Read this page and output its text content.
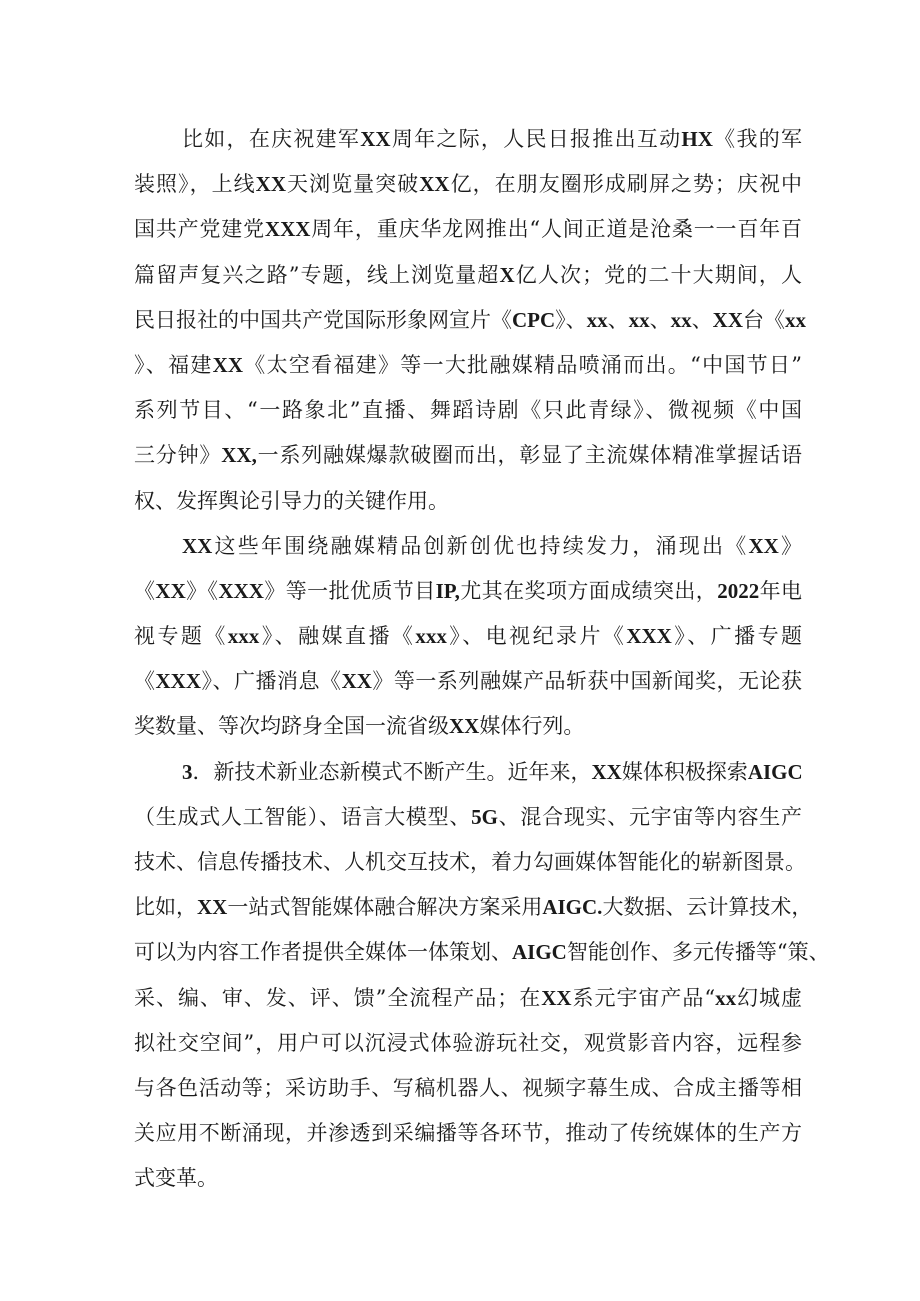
比如，在庆祝建军XX周年之际，人民日报推出互动HX《我的军
装照》，上线XX天浏览量突破XX亿，在朋友圈形成刷屏之势；庆祝中
国共产党建党XXX周年，重庆华龙网推出“人间正道是沧桑一一百年百
篇留声复兴之路”专题，线上浏览量超X亿人次；党的二十大期间，人
民日报社的中国共产党国际形象网宣片《CPC》、xx、xx、xx、XX台《xx
》、福建XX《太空看福建》等一大批融媒精品喷涌而出。“中国节日”
系列节目、“一路象北”直播、舞蹈诗剧《只此青绿》、微视频《中国
三分钟》XX,一系列融媒爆款破圈而出，彰显了主流媒体精准掌握话语
权、发挥舆论引导力的关键作用。
XX这些年围绕融媒精品创新创优也持续发力，涌现出《XX》
《XX》《XXX》等一批优质节目IP,尤其在奖项方面成绩突出，2022年电
视专题《xxx》、融媒直播《xxx》、电视纪录片《XXX》、广播专题
《XXX》、广播消息《XX》等一系列融媒产品斩获中国新闻奖，无论获
奖数量、等次均跻身全国一流省级XX媒体行列。
3．新技术新业态新模式不断产生。近年来，XX媒体积极探索AIGC
（生成式人工智能）、语言大模型、5G、混合现实、元宇宙等内容生产
技术、信息传播技术、人机交互技术，着力勾画媒体智能化的崭新图景。
比如，XX一站式智能媒体融合解决方案采用AIGC.大数据、云计算技术，
可以为内容工作者提供全媒体一体策划、AIGC智能创作、多元传播等“策、
采、编、审、发、评、馈”全流程产品；在XX系元宇宙产品“xx幻城虚
拟社交空间”，用户可以沉浸式体验游玩社交，观赏影音内容，远程参
与各色活动等；采访助手、写稿机器人、视频字幕生成、合成主播等相
关应用不断涌现，并渗透到采编播等各环节，推动了传统媒体的生产方
式变革。
